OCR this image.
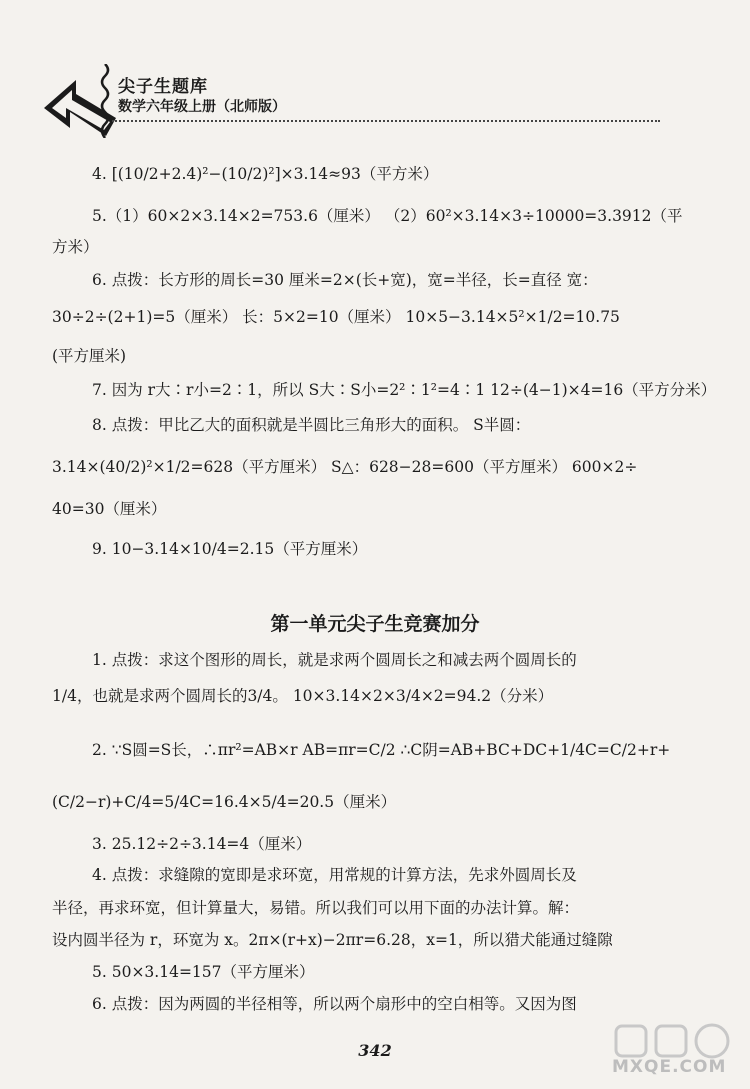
尖子生题库
数学六年级上册（北师版）
4. [(10/2+2.4)²−(10/2)²]×3.14≈93（平方米）
5.（1）60×2×3.14×2=753.6（厘米） （2）60²×3.14×3÷10000=3.3912（平
方米）
6. 点拨：长方形的周长=30 厘米=2×(长+宽)，宽=半径，长=直径 宽：
30÷2÷(2+1)=5（厘米） 长：5×2=10（厘米） 10×5−3.14×5²×1/2=10.75
(平方厘米)
7. 因为 r大∶r小=2∶1，所以 S大∶S小=2²∶1²=4∶1 12÷(4−1)×4=16（平方分米）
8. 点拨：甲比乙大的面积就是半圆比三角形大的面积。 S半圆：
3.14×(40/2)²×1/2=628（平方厘米） S△：628−28=600（平方厘米） 600×2÷
40=30（厘米）
9. 10−3.14×10/4=2.15（平方厘米）
第一单元尖子生竞赛加分
1. 点拨：求这个图形的周长，就是求两个圆周长之和减去两个圆周长的
1/4，也就是求两个圆周长的3/4。 10×3.14×2×3/4×2=94.2（分米）
2. ∵S圆=S长，∴πr²=AB×r AB=πr=C/2 ∴C阴=AB+BC+DC+1/4C=C/2+r+
(C/2−r)+C/4=5/4C=16.4×5/4=20.5（厘米）
3. 25.12÷2÷3.14=4（厘米）
4. 点拨：求缝隙的宽即是求环宽，用常规的计算方法，先求外圆周长及
半径，再求环宽，但计算量大，易错。所以我们可以用下面的办法计算。解：
设内圆半径为 r，环宽为 x。2π×(r+x)−2πr=6.28，x=1，所以猎犬能通过缝隙
5. 50×3.14=157（平方厘米）
6. 点拨：因为两圆的半径相等，所以两个扇形中的空白相等。又因为图
342
MXQE.COM
